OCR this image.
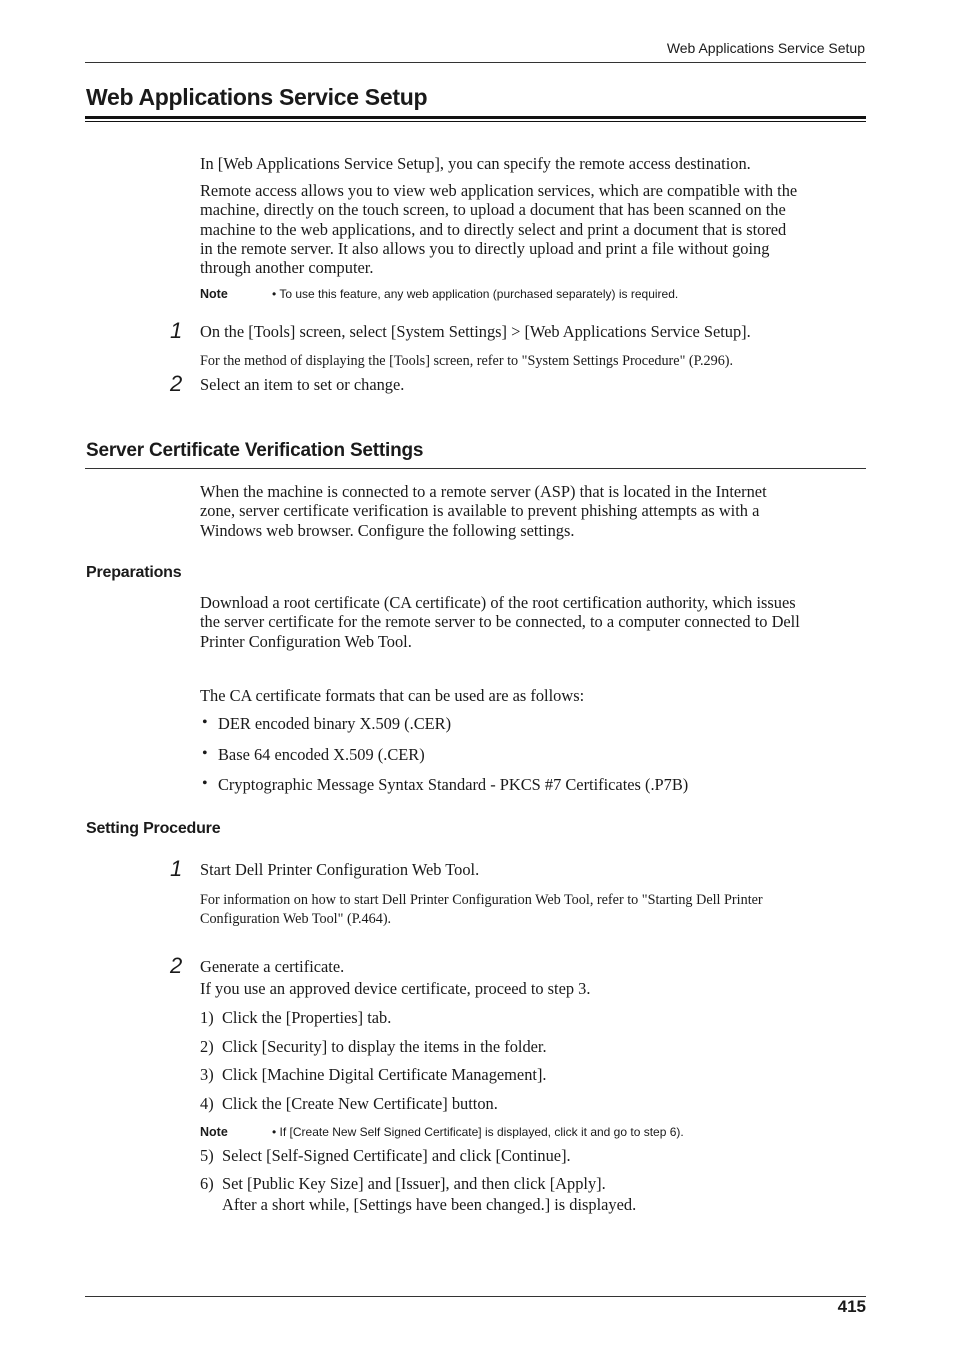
Web Applications Service Setup
Web Applications Service Setup
In [Web Applications Service Setup], you can specify the remote access destination.
Remote access allows you to view web application services, which are compatible with the
machine, directly on the touch screen, to upload a document that has been scanned on the
machine to the web applications, and to directly select and print a document that is stored
in the remote server. It also allows you to directly upload and print a file without going
through another computer.
Note	• To use this feature, any web application (purchased separately) is required.
1 On the [Tools] screen, select [System Settings] > [Web Applications Service Setup].
For the method of displaying the [Tools] screen, refer to "System Settings Procedure" (P.296).
2 Select an item to set or change.
Server Certificate Verification Settings
When the machine is connected to a remote server (ASP) that is located in the Internet
zone, server certificate verification is available to prevent phishing attempts as with a
Windows web browser. Configure the following settings.
Preparations
Download a root certificate (CA certificate) of the root certification authority, which issues
the server certificate for the remote server to be connected, to a computer connected to Dell
Printer Configuration Web Tool.
The CA certificate formats that can be used are as follows:
• DER encoded binary X.509 (.CER)
• Base 64 encoded X.509 (.CER)
• Cryptographic Message Syntax Standard - PKCS #7 Certificates (.P7B)
Setting Procedure
1 Start Dell Printer Configuration Web Tool.
For information on how to start Dell Printer Configuration Web Tool, refer to "Starting Dell Printer
Configuration Web Tool" (P.464).
2 Generate a certificate.
If you use an approved device certificate, proceed to step 3.
1) Click the [Properties] tab.
2) Click [Security] to display the items in the folder.
3) Click [Machine Digital Certificate Management].
4) Click the [Create New Certificate] button.
Note	• If [Create New Self Signed Certificate] is displayed, click it and go to step 6).
5) Select [Self-Signed Certificate] and click [Continue].
6) Set [Public Key Size] and [Issuer], and then click [Apply].
After a short while, [Settings have been changed.] is displayed.
415
